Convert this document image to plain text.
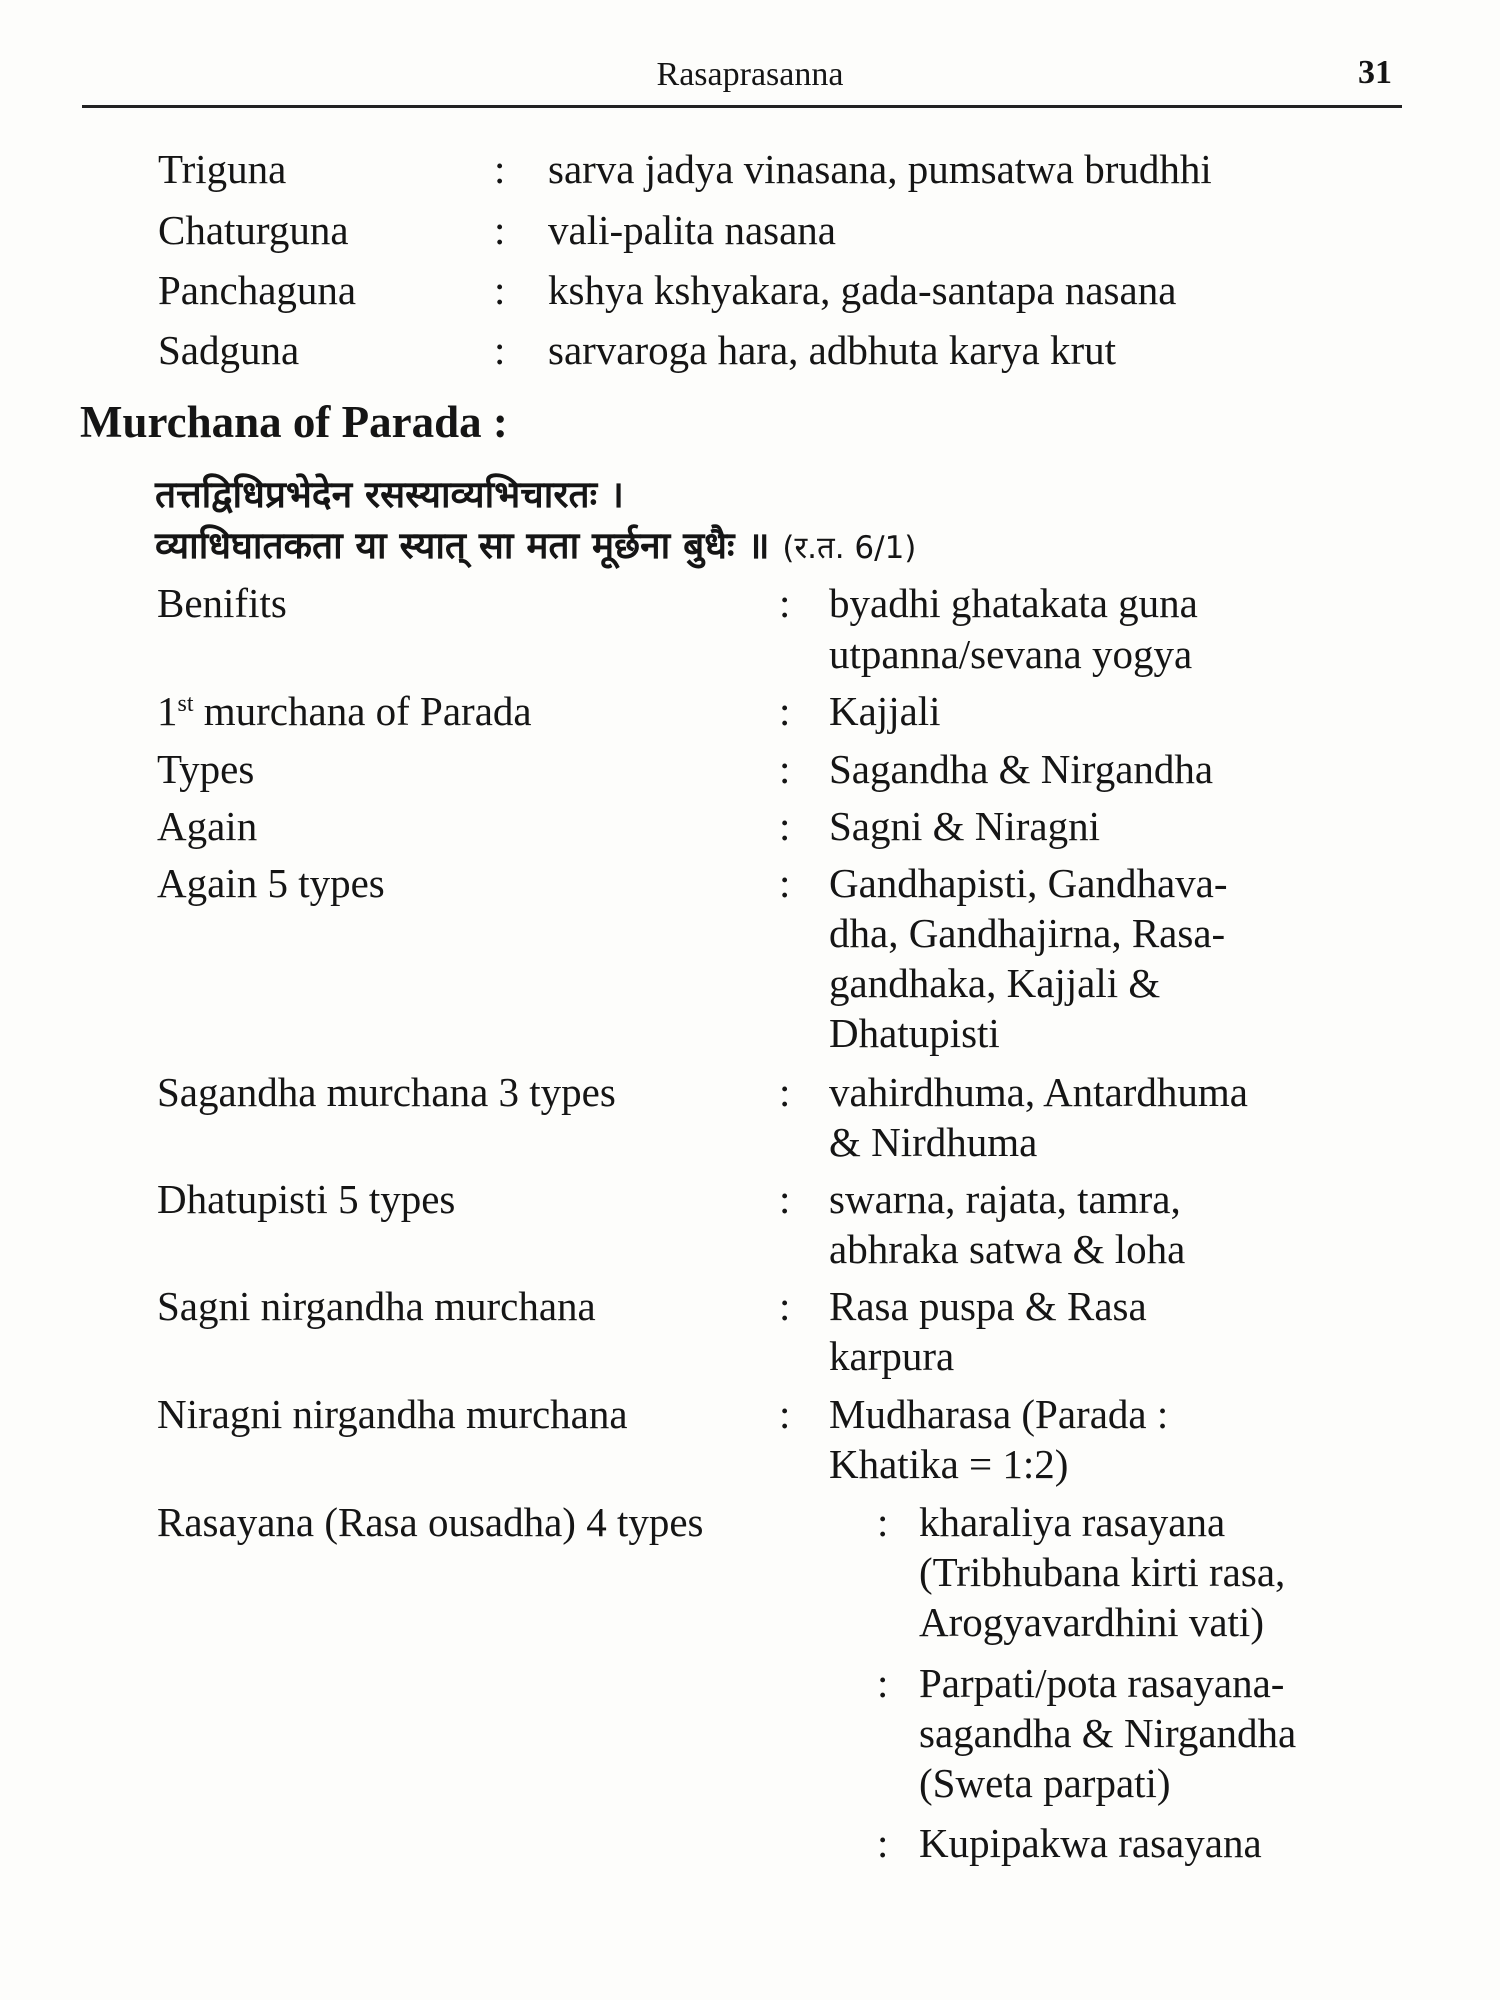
Rasaprasanna	31
Triguna	: sarva jadya vinasana, pumsatwa brudhhi
Chaturguna	: vali-palita nasana
Panchaguna	: kshya kshyakara, gada-santapa nasana
Sadguna	: sarvaroga hara, adbhuta karya krut
Murchana of Parada :
तत्तद्विधिप्रभेदेन रसस्याव्यभिचारतः ।
व्याधिघातकता या स्यात् सा मता मूर्छना बुधैः ॥ (र.त. 6/1)
Benifits	: byadhi ghatakata guna
utpanna/sevana yogya
1st murchana of Parada	: Kajjali
Types	: Sagandha & Nirgandha
Again	: Sagni & Niragni
Again 5 types	: Gandhapisti, Gandhava-
dha, Gandhajirna, Rasa-
gandhaka, Kajjali &
Dhatupisti
Sagandha murchana 3 types	: vahirdhuma, Antardhuma
& Nirdhuma
Dhatupisti 5 types	: swarna, rajata, tamra,
abhraka satwa & loha
Sagni nirgandha murchana	: Rasa puspa & Rasa
karpura
Niragni nirgandha murchana	: Mudharasa (Parada :
Khatika = 1:2)
Rasayana (Rasa ousadha) 4 types	: kharaliya rasayana
(Tribhubana kirti rasa,
Arogyavardhini vati)
: Parpati/pota rasayana-
sagandha & Nirgandha
(Sweta parpati)
: Kupipakwa rasayana
